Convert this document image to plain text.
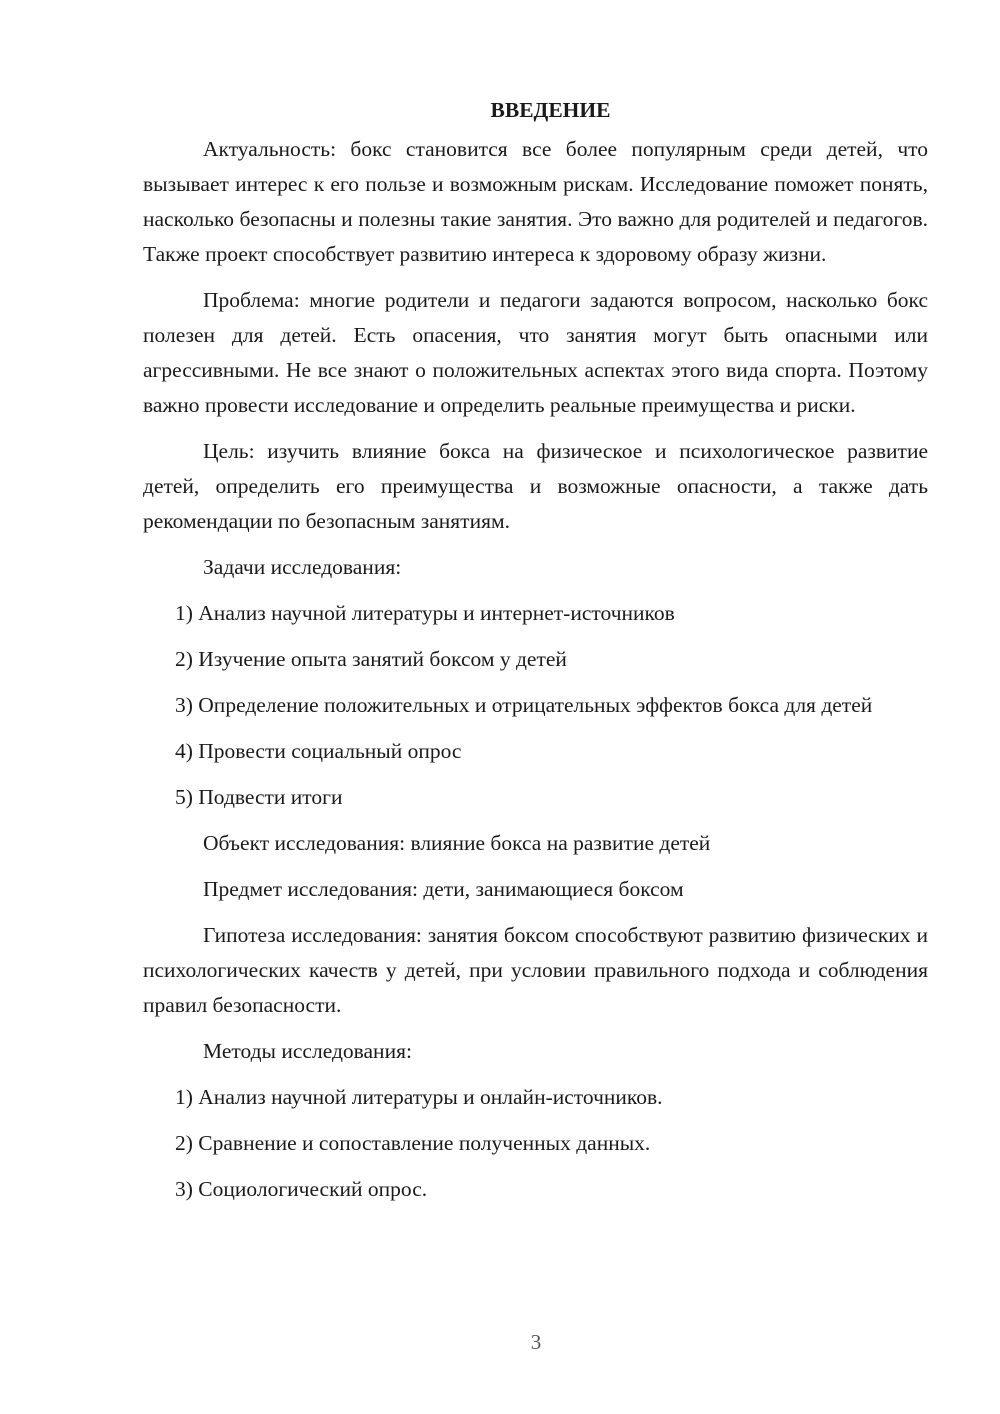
ВВЕДЕНИЕ

Актуальность: бокс становится все более популярным среди детей, что вызывает интерес к его пользе и возможным рискам. Исследование поможет понять, насколько безопасны и полезны такие занятия. Это важно для родителей и педагогов. Также проект способствует развитию интереса к здоровому образу жизни.

Проблема: многие родители и педагоги задаются вопросом, насколько бокс полезен для детей. Есть опасения, что занятия могут быть опасными или агрессивными. Не все знают о положительных аспектах этого вида спорта. Поэтому важно провести исследование и определить реальные преимущества и риски.

Цель: изучить влияние бокса на физическое и психологическое развитие детей, определить его преимущества и возможные опасности, а также дать рекомендации по безопасным занятиям.

Задачи исследования:

1) Анализ научной литературы и интернет-источников

2) Изучение опыта занятий боксом у детей

3) Определение положительных и отрицательных эффектов бокса для детей

4) Провести социальный опрос

5) Подвести итоги

Объект исследования: влияние бокса на развитие детей

Предмет исследования: дети, занимающиеся боксом

Гипотеза исследования: занятия боксом способствуют развитию физических и психологических качеств у детей, при условии правильного подхода и соблюдения правил безопасности.

Методы исследования:

1) Анализ научной литературы и онлайн-источников.

2) Сравнение и сопоставление полученных данных.

3) Социологический опрос.

3
